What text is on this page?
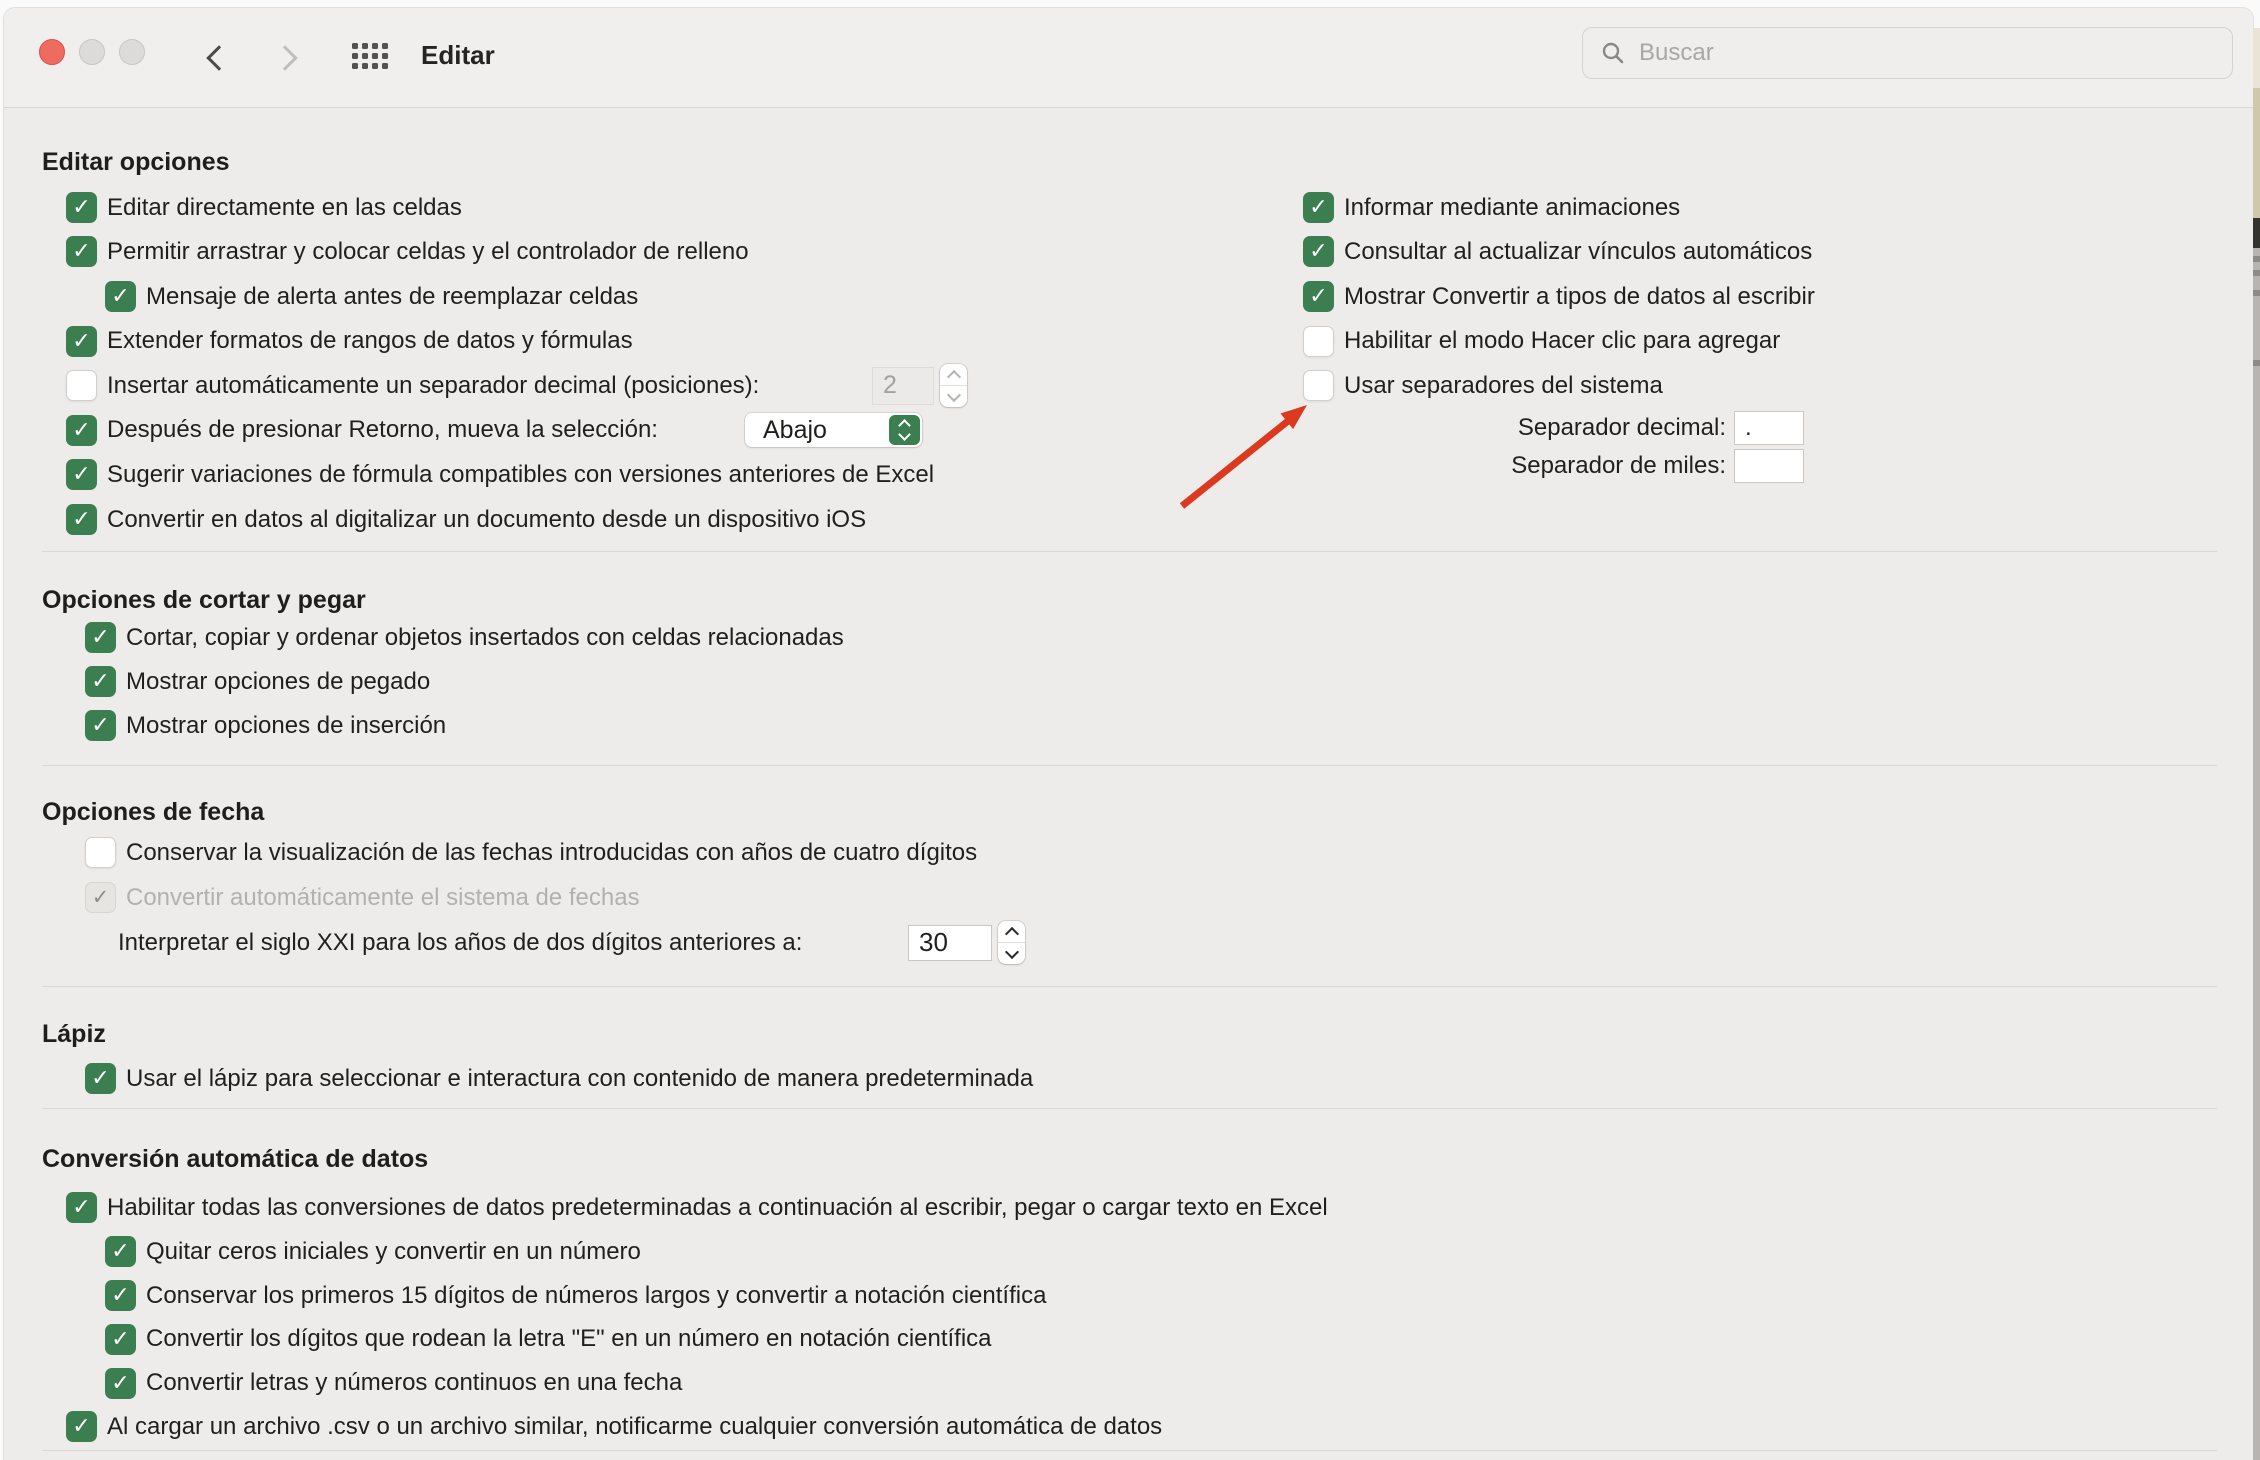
Editar
Buscar
Editar opciones
✓ Editar directamente en las celdas
✓ Permitir arrastrar y colocar celdas y el controlador de relleno
✓ Mensaje de alerta antes de reemplazar celdas
✓ Extender formatos de rangos de datos y fórmulas
Insertar automáticamente un separador decimal (posiciones):
2
✓ Después de presionar Retorno, mueva la selección:	Abajo
✓ Sugerir variaciones de fórmula compatibles con versiones anteriores de Excel
✓ Convertir en datos al digitalizar un documento desde un dispositivo iOS
✓ Informar mediante animaciones
✓ Consultar al actualizar vínculos automáticos
✓ Mostrar Convertir a tipos de datos al escribir
Habilitar el modo Hacer clic para agregar
Usar separadores del sistema
Separador decimal:
.
Separador de miles:
Opciones de cortar y pegar
✓ Cortar, copiar y ordenar objetos insertados con celdas relacionadas
✓ Mostrar opciones de pegado
✓ Mostrar opciones de inserción
Opciones de fecha
Conservar la visualización de las fechas introducidas con años de cuatro dígitos
✓ Convertir automáticamente el sistema de fechas
Interpretar el siglo XXI para los años de dos dígitos anteriores a:
30
Lápiz
✓ Usar el lápiz para seleccionar e interactura con contenido de manera predeterminada
Conversión automática de datos
✓ Habilitar todas las conversiones de datos predeterminadas a continuación al escribir, pegar o cargar texto en Excel
✓ Quitar ceros iniciales y convertir en un número
✓ Conservar los primeros 15 dígitos de números largos y convertir a notación científica
✓ Convertir los dígitos que rodean la letra "E" en un número en notación científica
✓ Convertir letras y números continuos en una fecha
✓ Al cargar un archivo .csv o un archivo similar, notificarme cualquier conversión automática de datos
